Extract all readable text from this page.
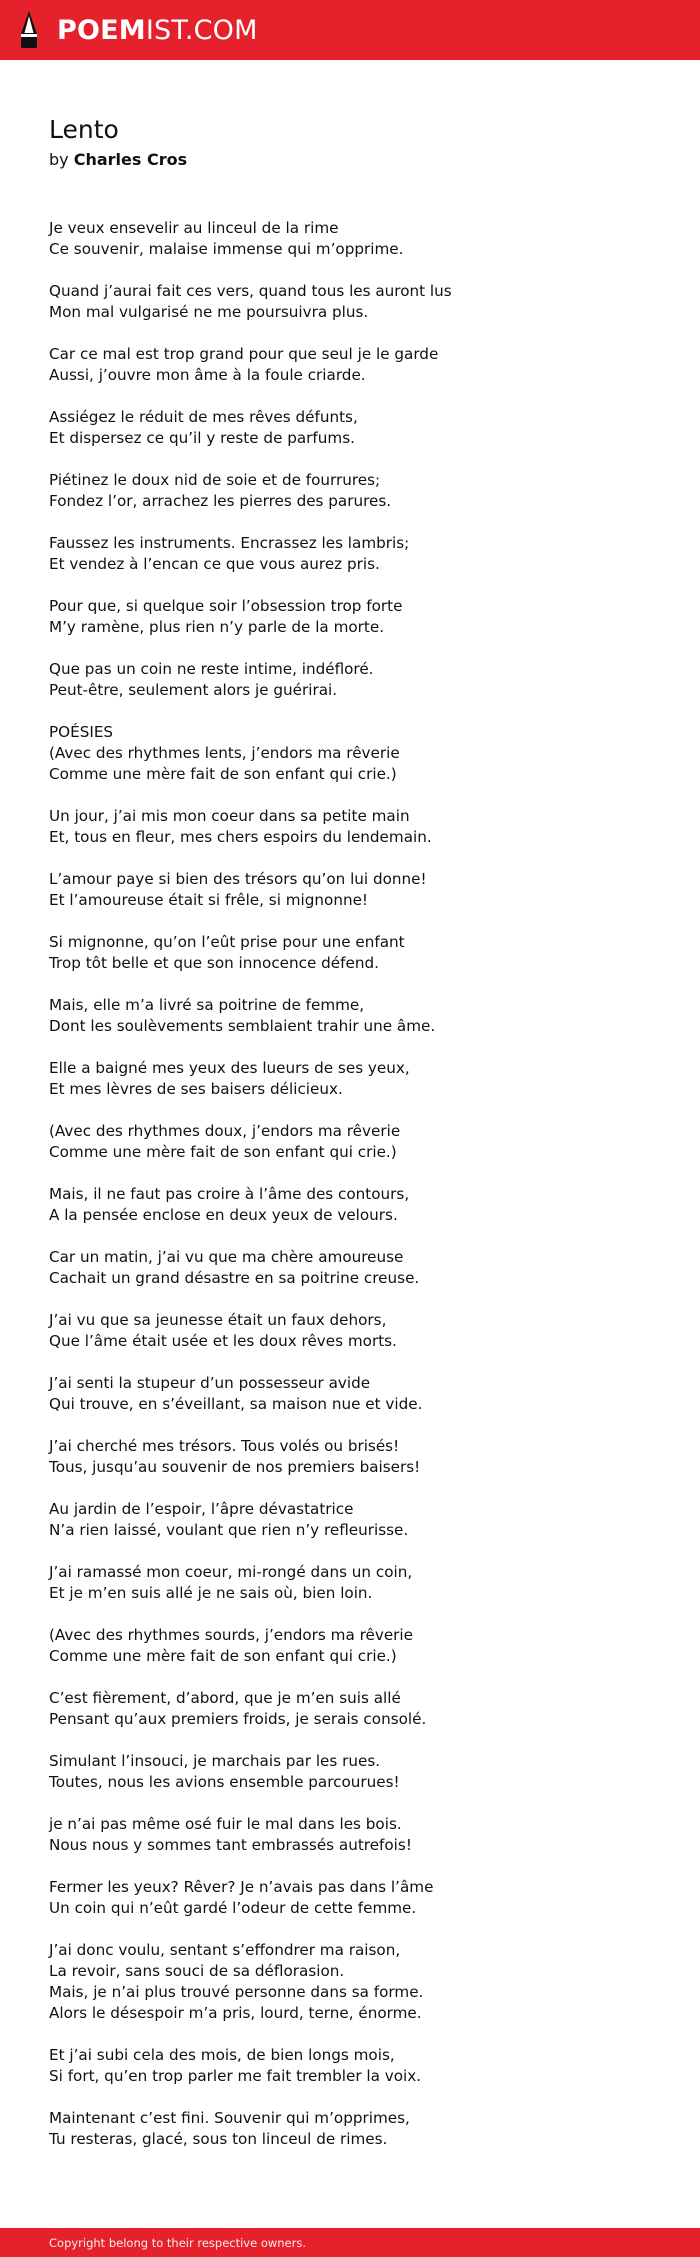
POEMIST.COM
Lento
by Charles Cros
Je veux ensevelir au linceul de la rime
Ce souvenir, malaise immense qui m’opprime.
Quand j’aurai fait ces vers, quand tous les auront lus
Mon mal vulgarisé ne me poursuivra plus.
Car ce mal est trop grand pour que seul je le garde
Aussi, j’ouvre mon âme à la foule criarde.
Assiégez le réduit de mes rêves défunts,
Et dispersez ce qu’il y reste de parfums.
Piétinez le doux nid de soie et de fourrures;
Fondez l’or, arrachez les pierres des parures.
Faussez les instruments. Encrassez les lambris;
Et vendez à l’encan ce que vous aurez pris.
Pour que, si quelque soir l’obsession trop forte
M’y ramène, plus rien n’y parle de la morte.
Que pas un coin ne reste intime, indéfloré.
Peut-être, seulement alors je guérirai.
POÉSIES
(Avec des rhythmes lents, j’endors ma rêverie
Comme une mère fait de son enfant qui crie.)
Un jour, j’ai mis mon coeur dans sa petite main
Et, tous en fleur, mes chers espoirs du lendemain.
L’amour paye si bien des trésors qu’on lui donne!
Et l’amoureuse était si frêle, si mignonne!
Si mignonne, qu’on l’eût prise pour une enfant
Trop tôt belle et que son innocence défend.
Mais, elle m’a livré sa poitrine de femme,
Dont les soulèvements semblaient trahir une âme.
Elle a baigné mes yeux des lueurs de ses yeux,
Et mes lèvres de ses baisers délicieux.
(Avec des rhythmes doux, j’endors ma rêverie
Comme une mère fait de son enfant qui crie.)
Mais, il ne faut pas croire à l’âme des contours,
A la pensée enclose en deux yeux de velours.
Car un matin, j’ai vu que ma chère amoureuse
Cachait un grand désastre en sa poitrine creuse.
J’ai vu que sa jeunesse était un faux dehors,
Que l’âme était usée et les doux rêves morts.
J’ai senti la stupeur d’un possesseur avide
Qui trouve, en s’éveillant, sa maison nue et vide.
J’ai cherché mes trésors. Tous volés ou brisés!
Tous, jusqu’au souvenir de nos premiers baisers!
Au jardin de l’espoir, l’âpre dévastatrice
N’a rien laissé, voulant que rien n’y refleurisse.
J’ai ramassé mon coeur, mi-rongé dans un coin,
Et je m’en suis allé je ne sais où, bien loin.
(Avec des rhythmes sourds, j’endors ma rêverie
Comme une mère fait de son enfant qui crie.)
C’est fièrement, d’abord, que je m’en suis allé
Pensant qu’aux premiers froids, je serais consolé.
Simulant l’insouci, je marchais par les rues.
Toutes, nous les avions ensemble parcourues!
je n’ai pas même osé fuir le mal dans les bois.
Nous nous y sommes tant embrassés autrefois!
Fermer les yeux? Rêver? Je n’avais pas dans l’âme
Un coin qui n’eût gardé l’odeur de cette femme.
J’ai donc voulu, sentant s’effondrer ma raison,
La revoir, sans souci de sa déflorasion.
Mais, je n’ai plus trouvé personne dans sa forme.
Alors le désespoir m’a pris, lourd, terne, énorme.
Et j’ai subi cela des mois, de bien longs mois,
Si fort, qu’en trop parler me fait trembler la voix.
Maintenant c’est fini. Souvenir qui m’opprimes,
Tu resteras, glacé, sous ton linceul de rimes.
Copyright belong to their respective owners.
